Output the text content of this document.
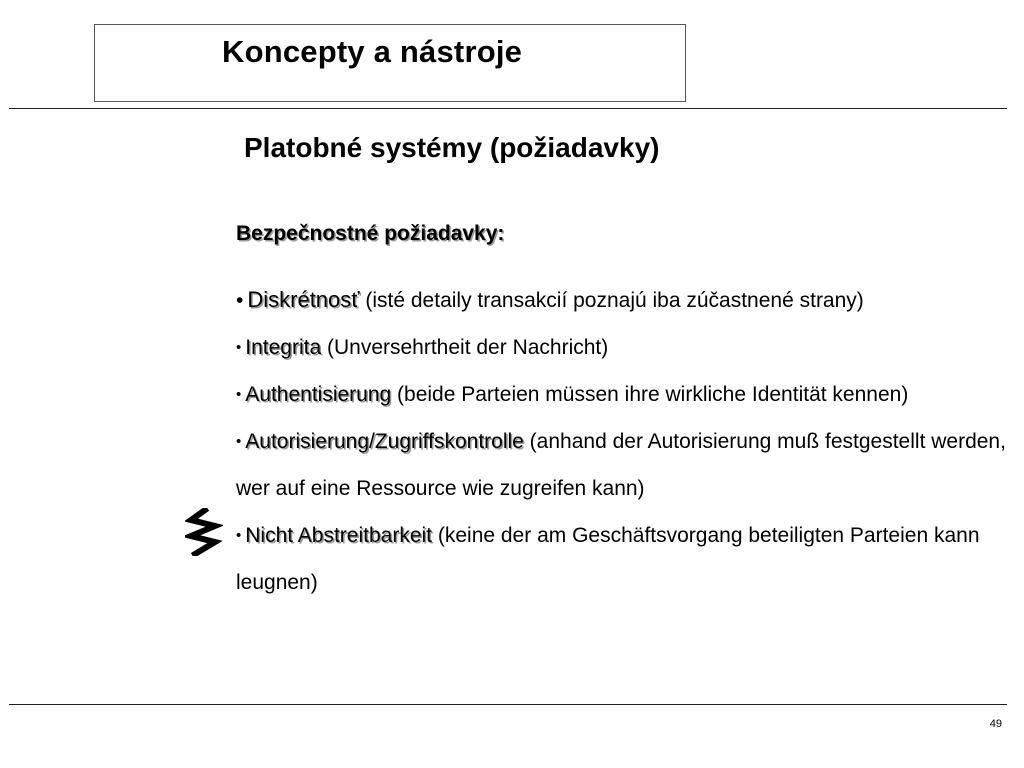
Koncepty a nástroje
Platobné systémy (požiadavky)
Bezpečnostné požiadavky:
• Diskrétnosť (isté detaily transakcií poznajú iba zúčastnené strany)
• Integrita (Unversehrtheit der Nachricht)
• Authentisierung (beide Parteien müssen ihre wirkliche Identität kennen)
• Autorisierung/Zugriffskontrolle (anhand der Autorisierung muß festgestellt werden, wer auf eine Ressource wie zugreifen kann)
• Nicht Abstreitbarkeit (keine der am Geschäftsvorgang beteiligten Parteien kann leugnen)
49
